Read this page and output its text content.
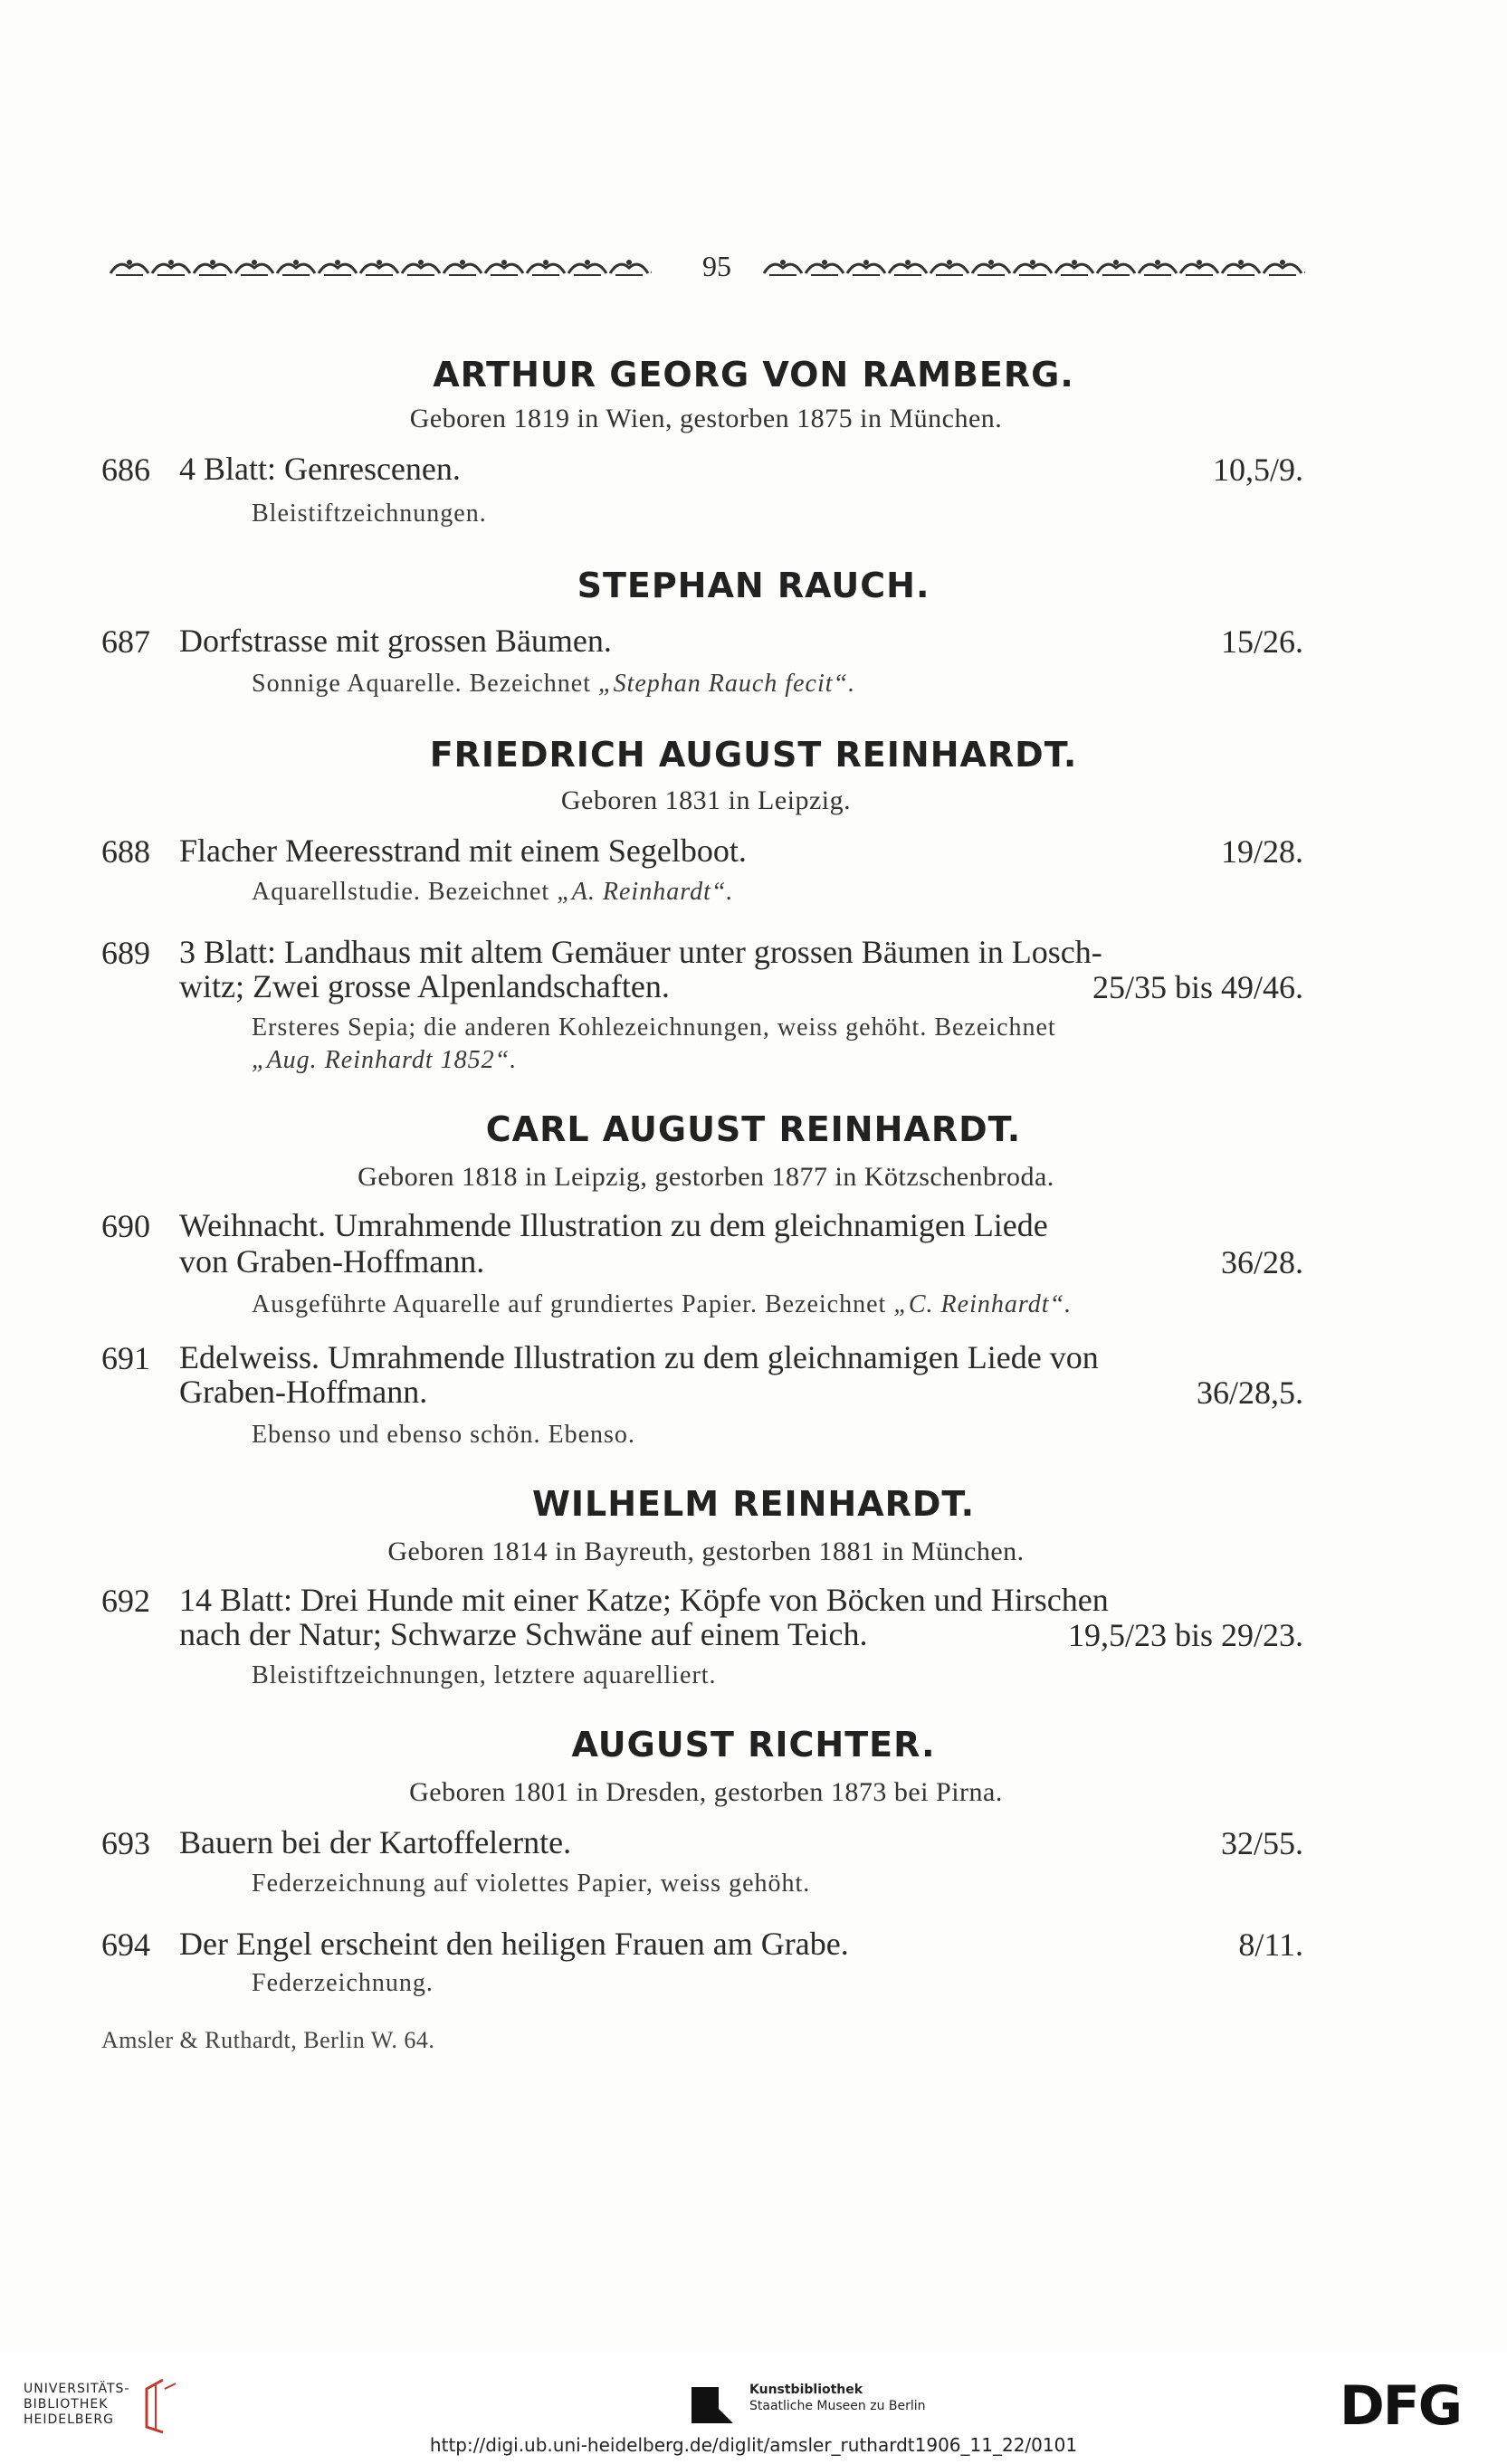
95
ARTHUR GEORG VON RAMBERG.
Geboren 1819 in Wien, gestorben 1875 in München.
686 4 Blatt: Genrescenen.	10,5/9.
Bleistiftzeichnungen.
STEPHAN RAUCH.
687 Dorfstrasse mit grossen Bäumen.	15/26.
Sonnige Aquarelle. Bezeichnet „Stephan Rauch fecit“.
FRIEDRICH AUGUST REINHARDT.
Geboren 1831 in Leipzig.
688 Flacher Meeresstrand mit einem Segelboot.	19/28.
Aquarellstudie. Bezeichnet „A. Reinhardt“.
689 3 Blatt: Landhaus mit altem Gemäuer unter grossen Bäumen in Losch-
witz; Zwei grosse Alpenlandschaften.	25/35 bis 49/46.
Ersteres Sepia; die anderen Kohlezeichnungen, weiss gehöht. Bezeichnet
„Aug. Reinhardt 1852“.
CARL AUGUST REINHARDT.
Geboren 1818 in Leipzig, gestorben 1877 in Kötzschenbroda.
690 Weihnacht. Umrahmende Illustration zu dem gleichnamigen Liede
von Graben-Hoffmann.	36/28.
Ausgeführte Aquarelle auf grundiertes Papier. Bezeichnet „C. Reinhardt“.
691 Edelweiss. Umrahmende Illustration zu dem gleichnamigen Liede von
Graben-Hoffmann.	36/28,5.
Ebenso und ebenso schön. Ebenso.
WILHELM REINHARDT.
Geboren 1814 in Bayreuth, gestorben 1881 in München.
692 14 Blatt: Drei Hunde mit einer Katze; Köpfe von Böcken und Hirschen
nach der Natur; Schwarze Schwäne auf einem Teich.	19,5/23 bis 29/23.
Bleistiftzeichnungen, letztere aquarelliert.
AUGUST RICHTER.
Geboren 1801 in Dresden, gestorben 1873 bei Pirna.
693 Bauern bei der Kartoffelernte.	32/55.
Federzeichnung auf violettes Papier, weiss gehöht.
694 Der Engel erscheint den heiligen Frauen am Grabe.	8/11.
Federzeichnung.
Amsler & Ruthardt, Berlin W. 64.
UNIVERSITÄTS-
BIBLIOTHEK
HEIDELBERG
Kunstbibliothek
Staatliche Museen zu Berlin	DFG
http://digi.ub.uni-heidelberg.de/diglit/amsler_ruthardt1906_11_22/0101
